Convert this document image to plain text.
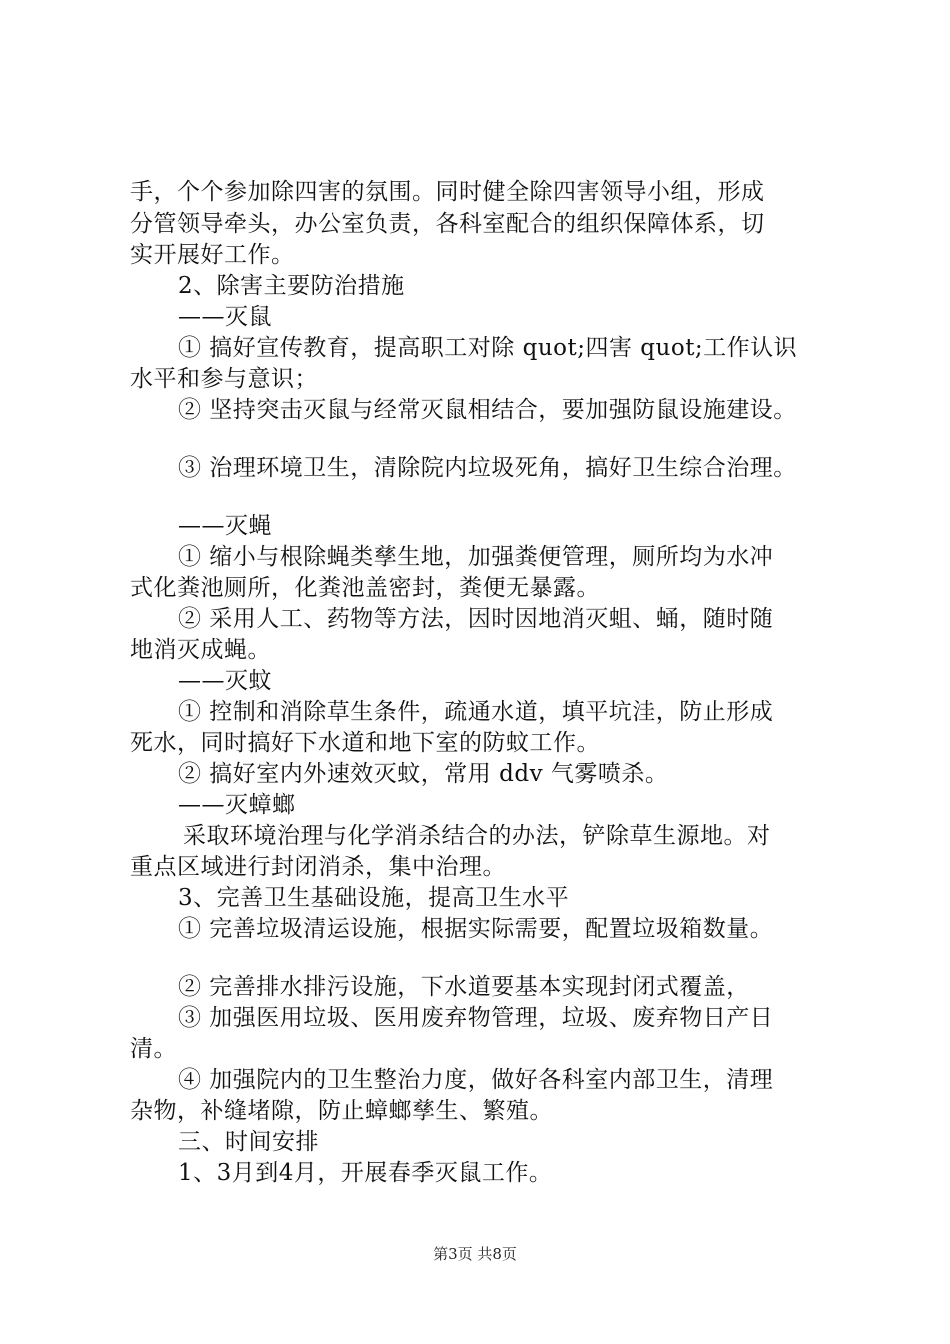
手，个个参加除四害的氛围。同时健全除四害领导小组，形成

分管领导牵头，办公室负责，各科室配合的组织保障体系，切

实开展好工作。

2、除害主要防治措施

——灭鼠

① 搞好宣传教育，提高职工对除 quot;四害 quot;工作认识

水平和参与意识；

② 坚持突击灭鼠与经常灭鼠相结合，要加强防鼠设施建设。

③ 治理环境卫生，清除院内垃圾死角，搞好卫生综合治理。

——灭蝇

① 缩小与根除蝇类孳生地，加强粪便管理，厕所均为水冲

式化粪池厕所，化粪池盖密封，粪便无暴露。

② 采用人工、药物等方法，因时因地消灭蛆、蛹，随时随

地消灭成蝇。

——灭蚊

① 控制和消除草生条件，疏通水道，填平坑洼，防止形成

死水，同时搞好下水道和地下室的防蚊工作。

② 搞好室内外速效灭蚊，常用 ddv 气雾喷杀。

——灭蟑螂

采取环境治理与化学消杀结合的办法，铲除草生源地。对

重点区域进行封闭消杀，集中治理。

3、完善卫生基础设施，提高卫生水平

① 完善垃圾清运设施，根据实际需要，配置垃圾箱数量。

② 完善排水排污设施，下水道要基本实现封闭式覆盖，

③ 加强医用垃圾、医用废弃物管理，垃圾、废弃物日产日

清。

④ 加强院内的卫生整治力度，做好各科室内部卫生，清理

杂物，补缝堵隙，防止蟑螂孳生、繁殖。

三、时间安排

1、3月到4月，开展春季灭鼠工作。

第3页 共8页
